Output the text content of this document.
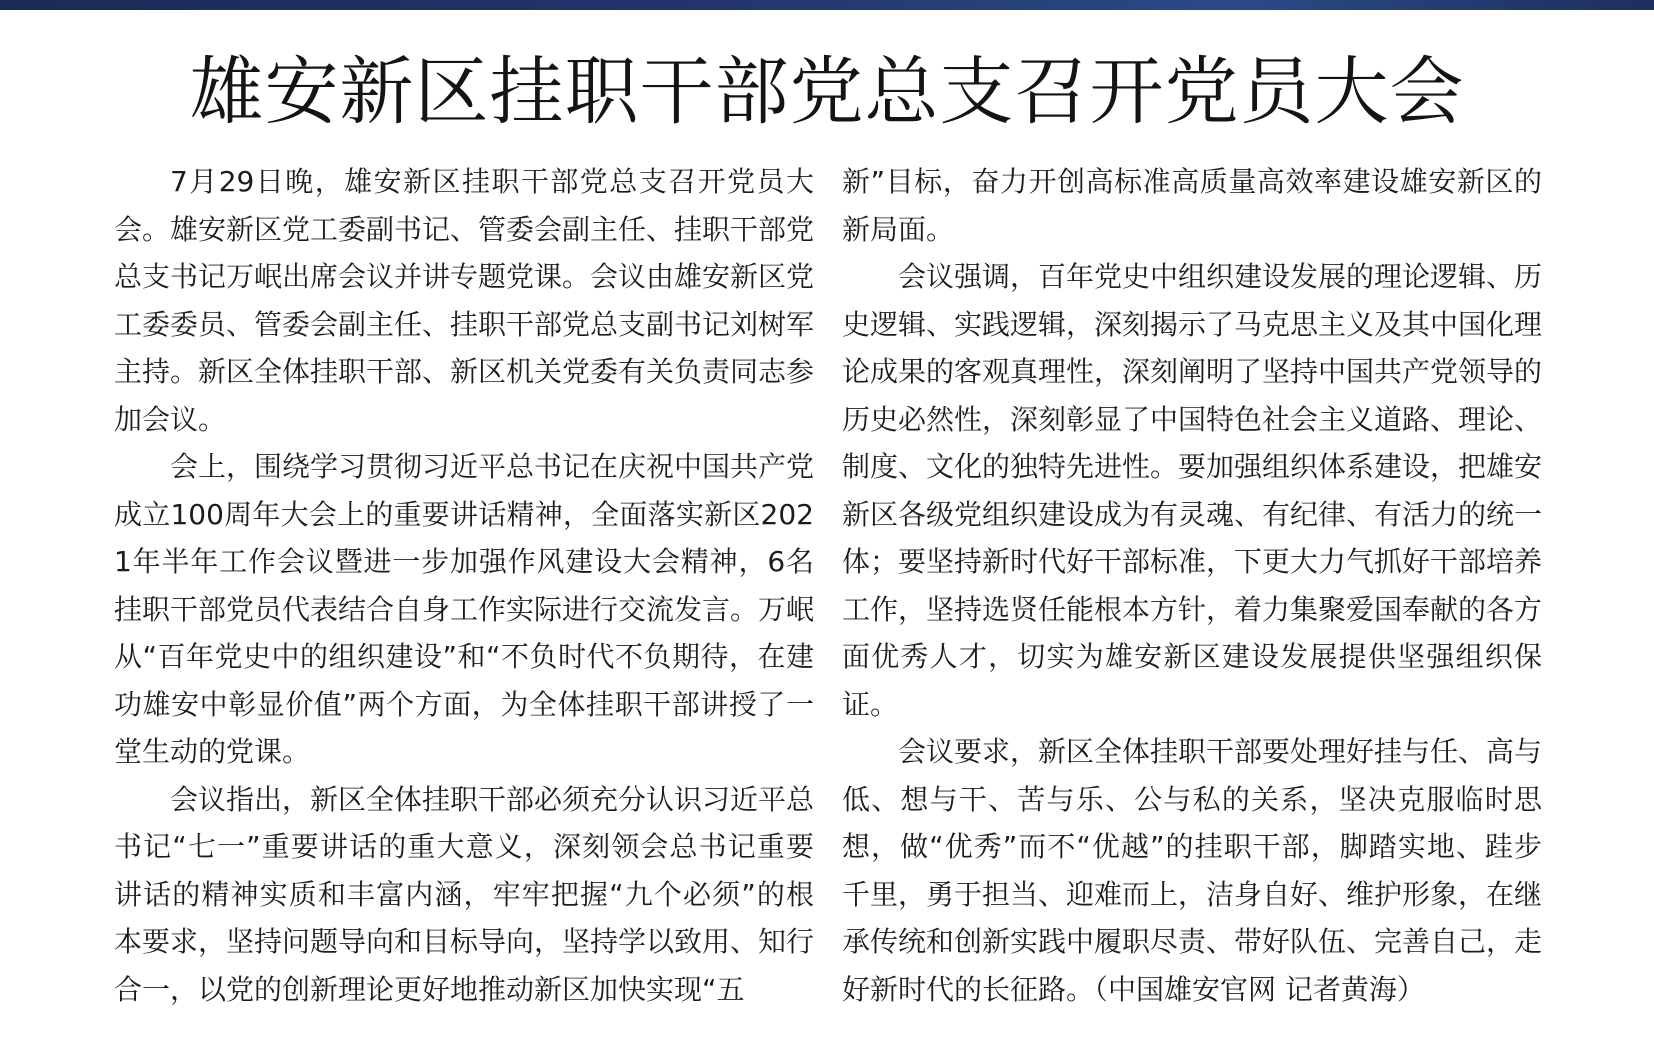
雄安新区挂职干部党总支召开党员大会

7月29日晚，雄安新区挂职干部党总支召开党员大会。雄安新区党工委副书记、管委会副主任、挂职干部党总支书记万岷出席会议并讲专题党课。会议由雄安新区党工委委员、管委会副主任、挂职干部党总支副书记刘树军主持。新区全体挂职干部、新区机关党委有关负责同志参加会议。

会上，围绕学习贯彻习近平总书记在庆祝中国共产党成立100周年大会上的重要讲话精神，全面落实新区2021年半年工作会议暨进一步加强作风建设大会精神，6名挂职干部党员代表结合自身工作实际进行交流发言。万岷从“百年党史中的组织建设”和“不负时代不负期待，在建功雄安中彰显价值”两个方面，为全体挂职干部讲授了一堂生动的党课。

会议指出，新区全体挂职干部必须充分认识习近平总书记“七一”重要讲话的重大意义，深刻领会总书记重要讲话的精神实质和丰富内涵，牢牢把握“九个必须”的根本要求，坚持问题导向和目标导向，坚持学以致用、知行合一，以党的创新理论更好地推动新区加快实现“五

新”目标，奋力开创高标准高质量高效率建设雄安新区的新局面。

会议强调，百年党史中组织建设发展的理论逻辑、历史逻辑、实践逻辑，深刻揭示了马克思主义及其中国化理论成果的客观真理性，深刻阐明了坚持中国共产党领导的历史必然性，深刻彰显了中国特色社会主义道路、理论、制度、文化的独特先进性。要加强组织体系建设，把雄安新区各级党组织建设成为有灵魂、有纪律、有活力的统一体；要坚持新时代好干部标准，下更大力气抓好干部培养工作，坚持选贤任能根本方针，着力集聚爱国奉献的各方面优秀人才，切实为雄安新区建设发展提供坚强组织保证。

会议要求，新区全体挂职干部要处理好挂与任、高与低、想与干、苦与乐、公与私的关系，坚决克服临时思想，做“优秀”而不“优越”的挂职干部，脚踏实地、跬步千里，勇于担当、迎难而上，洁身自好、维护形象，在继承传统和创新实践中履职尽责、带好队伍、完善自己，走好新时代的长征路。（中国雄安官网 记者黄海）
